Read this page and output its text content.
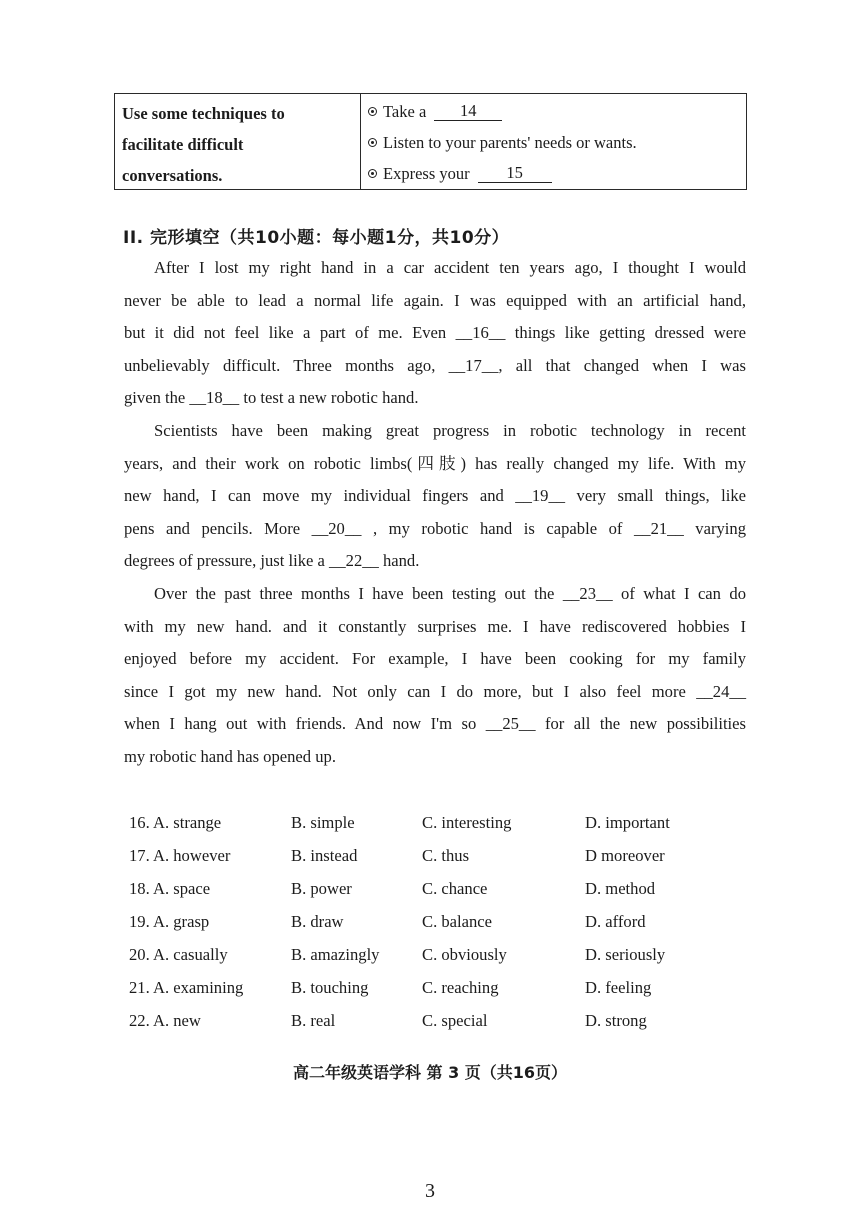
Use some techniques to
facilitate difficult
conversations.
Take a	14
Listen to your parents' needs or wants.
Express your	15
II. 完形填空（共10小题：每小题1分，共10分）

After I lost my right hand in a car accident ten years ago, I thought I would
never be able to lead a normal life again. I was equipped with an artificial hand,
but it did not feel like a part of me. Even __16__ things like getting dressed were
unbelievably difficult. Three months ago, __17__, all that changed when I was
given the __18__ to test a new robotic hand.

Scientists have been making great progress in robotic technology in recent
years, and their work on robotic limbs(四肢) has really changed my life. With my
new hand, I can move my individual fingers and __19__ very small things, like
pens and pencils. More __20__ , my robotic hand is capable of __21__ varying
degrees of pressure, just like a __22__ hand.

Over the past three months I have been testing out the __23__ of what I can do
with my new hand. and it constantly surprises me. I have rediscovered hobbies I
enjoyed before my accident. For example, I have been cooking for my family
since I got my new hand. Not only can I do more, but I also feel more __24__
when I hang out with friends. And now I'm so __25__ for all the new possibilities
my robotic hand has opened up.

16. A. strange	B. simple	C. interesting	D. important
17. A. however	B. instead	C. thus	D moreover
18. A. space	B. power	C. chance	D. method
19. A. grasp	B. draw	C. balance	D. afford
20. A. casually	B. amazingly	C. obviously	D. seriously
21. A. examining	B. touching	C. reaching	D. feeling
22. A. new	B. real	C. special	D. strong
高二年级英语学科 第 3 页（共16页）
3
